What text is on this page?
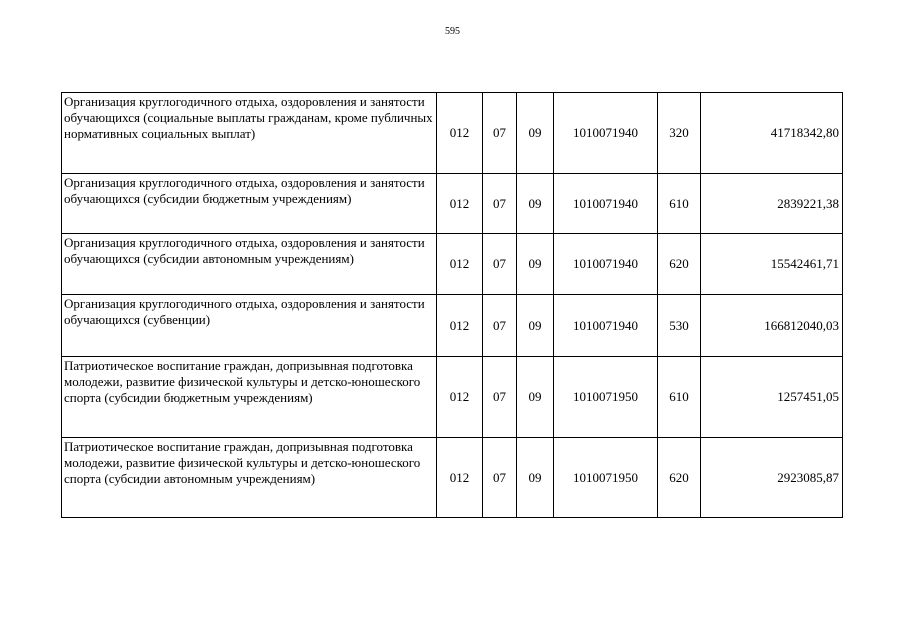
595
Организация круглогодичного отдыха, оздоровления и занятости обучающихся (социальные выплаты гражданам, кроме публичных нормативных социальных выплат)	012	07	09	1010071940	320	41718342,80
Организация круглогодичного отдыха, оздоровления и занятости обучающихся (субсидии бюджетным учреждениям)	012	07	09	1010071940	610	2839221,38
Организация круглогодичного отдыха, оздоровления и занятости обучающихся (субсидии автономным учреждениям)	012	07	09	1010071940	620	15542461,71
Организация круглогодичного отдыха, оздоровления и занятости обучающихся (субвенции)	012	07	09	1010071940	530	166812040,03
Патриотическое воспитание граждан, допризывная подготовка молодежи, развитие физической культуры и детско-юношеского спорта (субсидии бюджетным учреждениям)	012	07	09	1010071950	610	1257451,05
Патриотическое воспитание граждан, допризывная подготовка молодежи, развитие физической культуры и детско-юношеского спорта (субсидии автономным учреждениям)	012	07	09	1010071950	620	2923085,87
